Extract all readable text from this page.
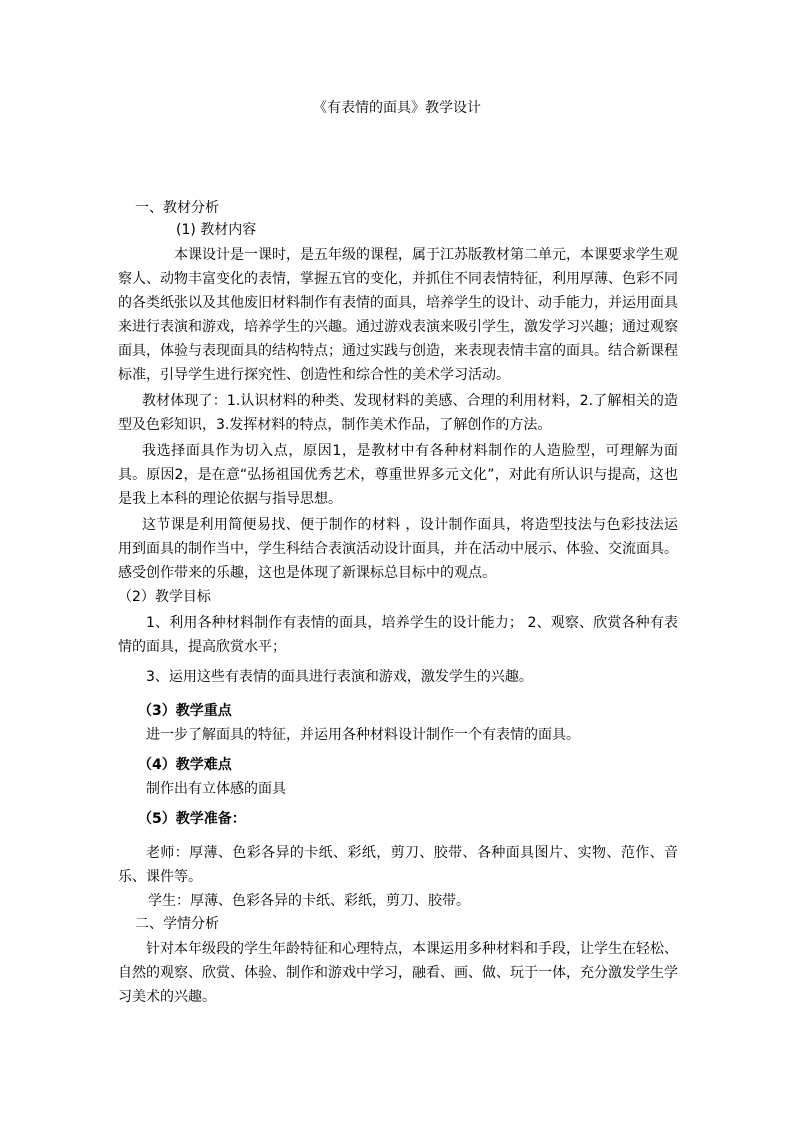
《有表情的面具》教学设计

一、教材分析

(1) 教材内容

本课设计是一课时，是五年级的课程，属于江苏版教材第二单元，本课要求学生观察人、动物丰富变化的表情，掌握五官的变化，并抓住不同表情特征，利用厚薄、色彩不同的各类纸张以及其他废旧材料制作有表情的面具，培养学生的设计、动手能力，并运用面具来进行表演和游戏，培养学生的兴趣。通过游戏表演来吸引学生，激发学习兴趣；通过观察面具，体验与表现面具的结构特点；通过实践与创造，来表现表情丰富的面具。结合新课程标准，引导学生进行探究性、创造性和综合性的美术学习活动。

教材体现了：1.认识材料的种类、发现材料的美感、合理的利用材料，2.了解相关的造型及色彩知识，3.发挥材料的特点，制作美术作品，了解创作的方法。

我选择面具作为切入点，原因1，是教材中有各种材料制作的人造脸型，可理解为面具。原因2，是在意“弘扬祖国优秀艺术，尊重世界多元文化”，对此有所认识与提高，这也是我上本科的理论依据与指导思想。

这节课是利用简便易找、便于制作的材料 ，设计制作面具，将造型技法与色彩技法运用到面具的制作当中，学生科结合表演活动设计面具，并在活动中展示、体验、交流面具。感受创作带来的乐趣，这也是体现了新课标总目标中的观点。

（2）教学目标

1、利用各种材料制作有表情的面具，培养学生的设计能力； 2、观察、欣赏各种有表情的面具，提高欣赏水平；

3、运用这些有表情的面具进行表演和游戏，激发学生的兴趣。

（3）教学重点

进一步了解面具的特征，并运用各种材料设计制作一个有表情的面具。

（4）教学难点

制作出有立体感的面具

（5）教学准备：

老师：厚薄、色彩各异的卡纸、彩纸，剪刀、胶带、各种面具图片、实物、范作、音乐、课件等。

学生：厚薄、色彩各异的卡纸、彩纸，剪刀、胶带。

二、学情分析

针对本年级段的学生年龄特征和心理特点，本课运用多种材料和手段，让学生在轻松、自然的观察、欣赏、体验、制作和游戏中学习，融看、画、做、玩于一体，充分激发学生学习美术的兴趣。
